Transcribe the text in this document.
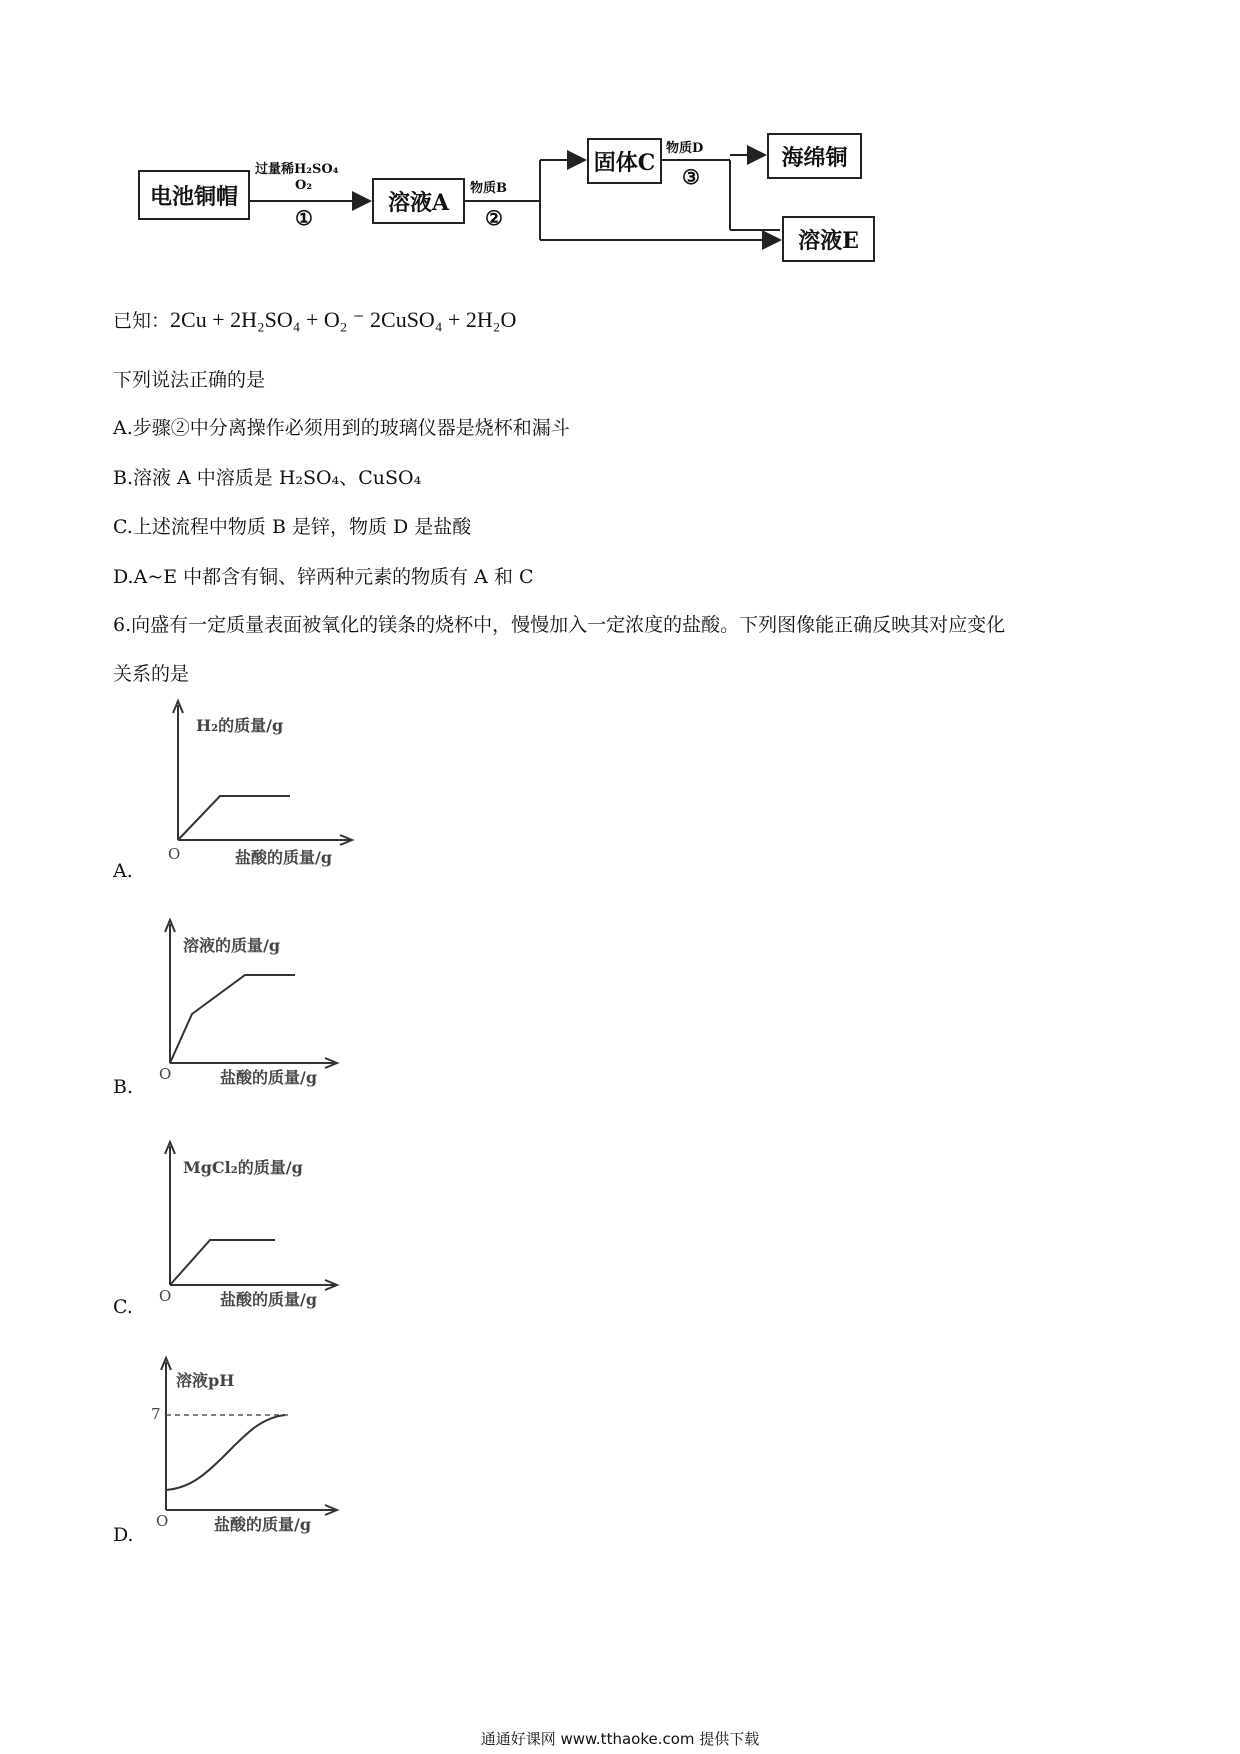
电池铜帽	溶液A
固体C	海绵铜
溶液E
过量稀H₂SO₄
O₂
①
物质B
②
物质D
③
已知：2Cu + 2H₂SO₄ + O₂ ⁻ 2CuSO₄ + 2H₂O
下列说法正确的是
A.步骤②中分离操作必须用到的玻璃仪器是烧杯和漏斗
B.溶液 A 中溶质是 H₂SO₄、CuSO₄
C.上述流程中物质 B 是锌，物质 D 是盐酸
D.A~E 中都含有铜、锌两种元素的物质有 A 和 C
6.向盛有一定质量表面被氧化的镁条的烧杯中，慢慢加入一定浓度的盐酸。下列图像能正确反映其对应变化
关系的是
H₂的质量/g
O	盐酸的质量/g
A.
溶液的质量/g
O	盐酸的质量/g
B.
MgCl₂的质量/g
O	盐酸的质量/g
C.
溶液pH
7
O	盐酸的质量/g
D.
通通好课网 www.tthaoke.com 提供下载
